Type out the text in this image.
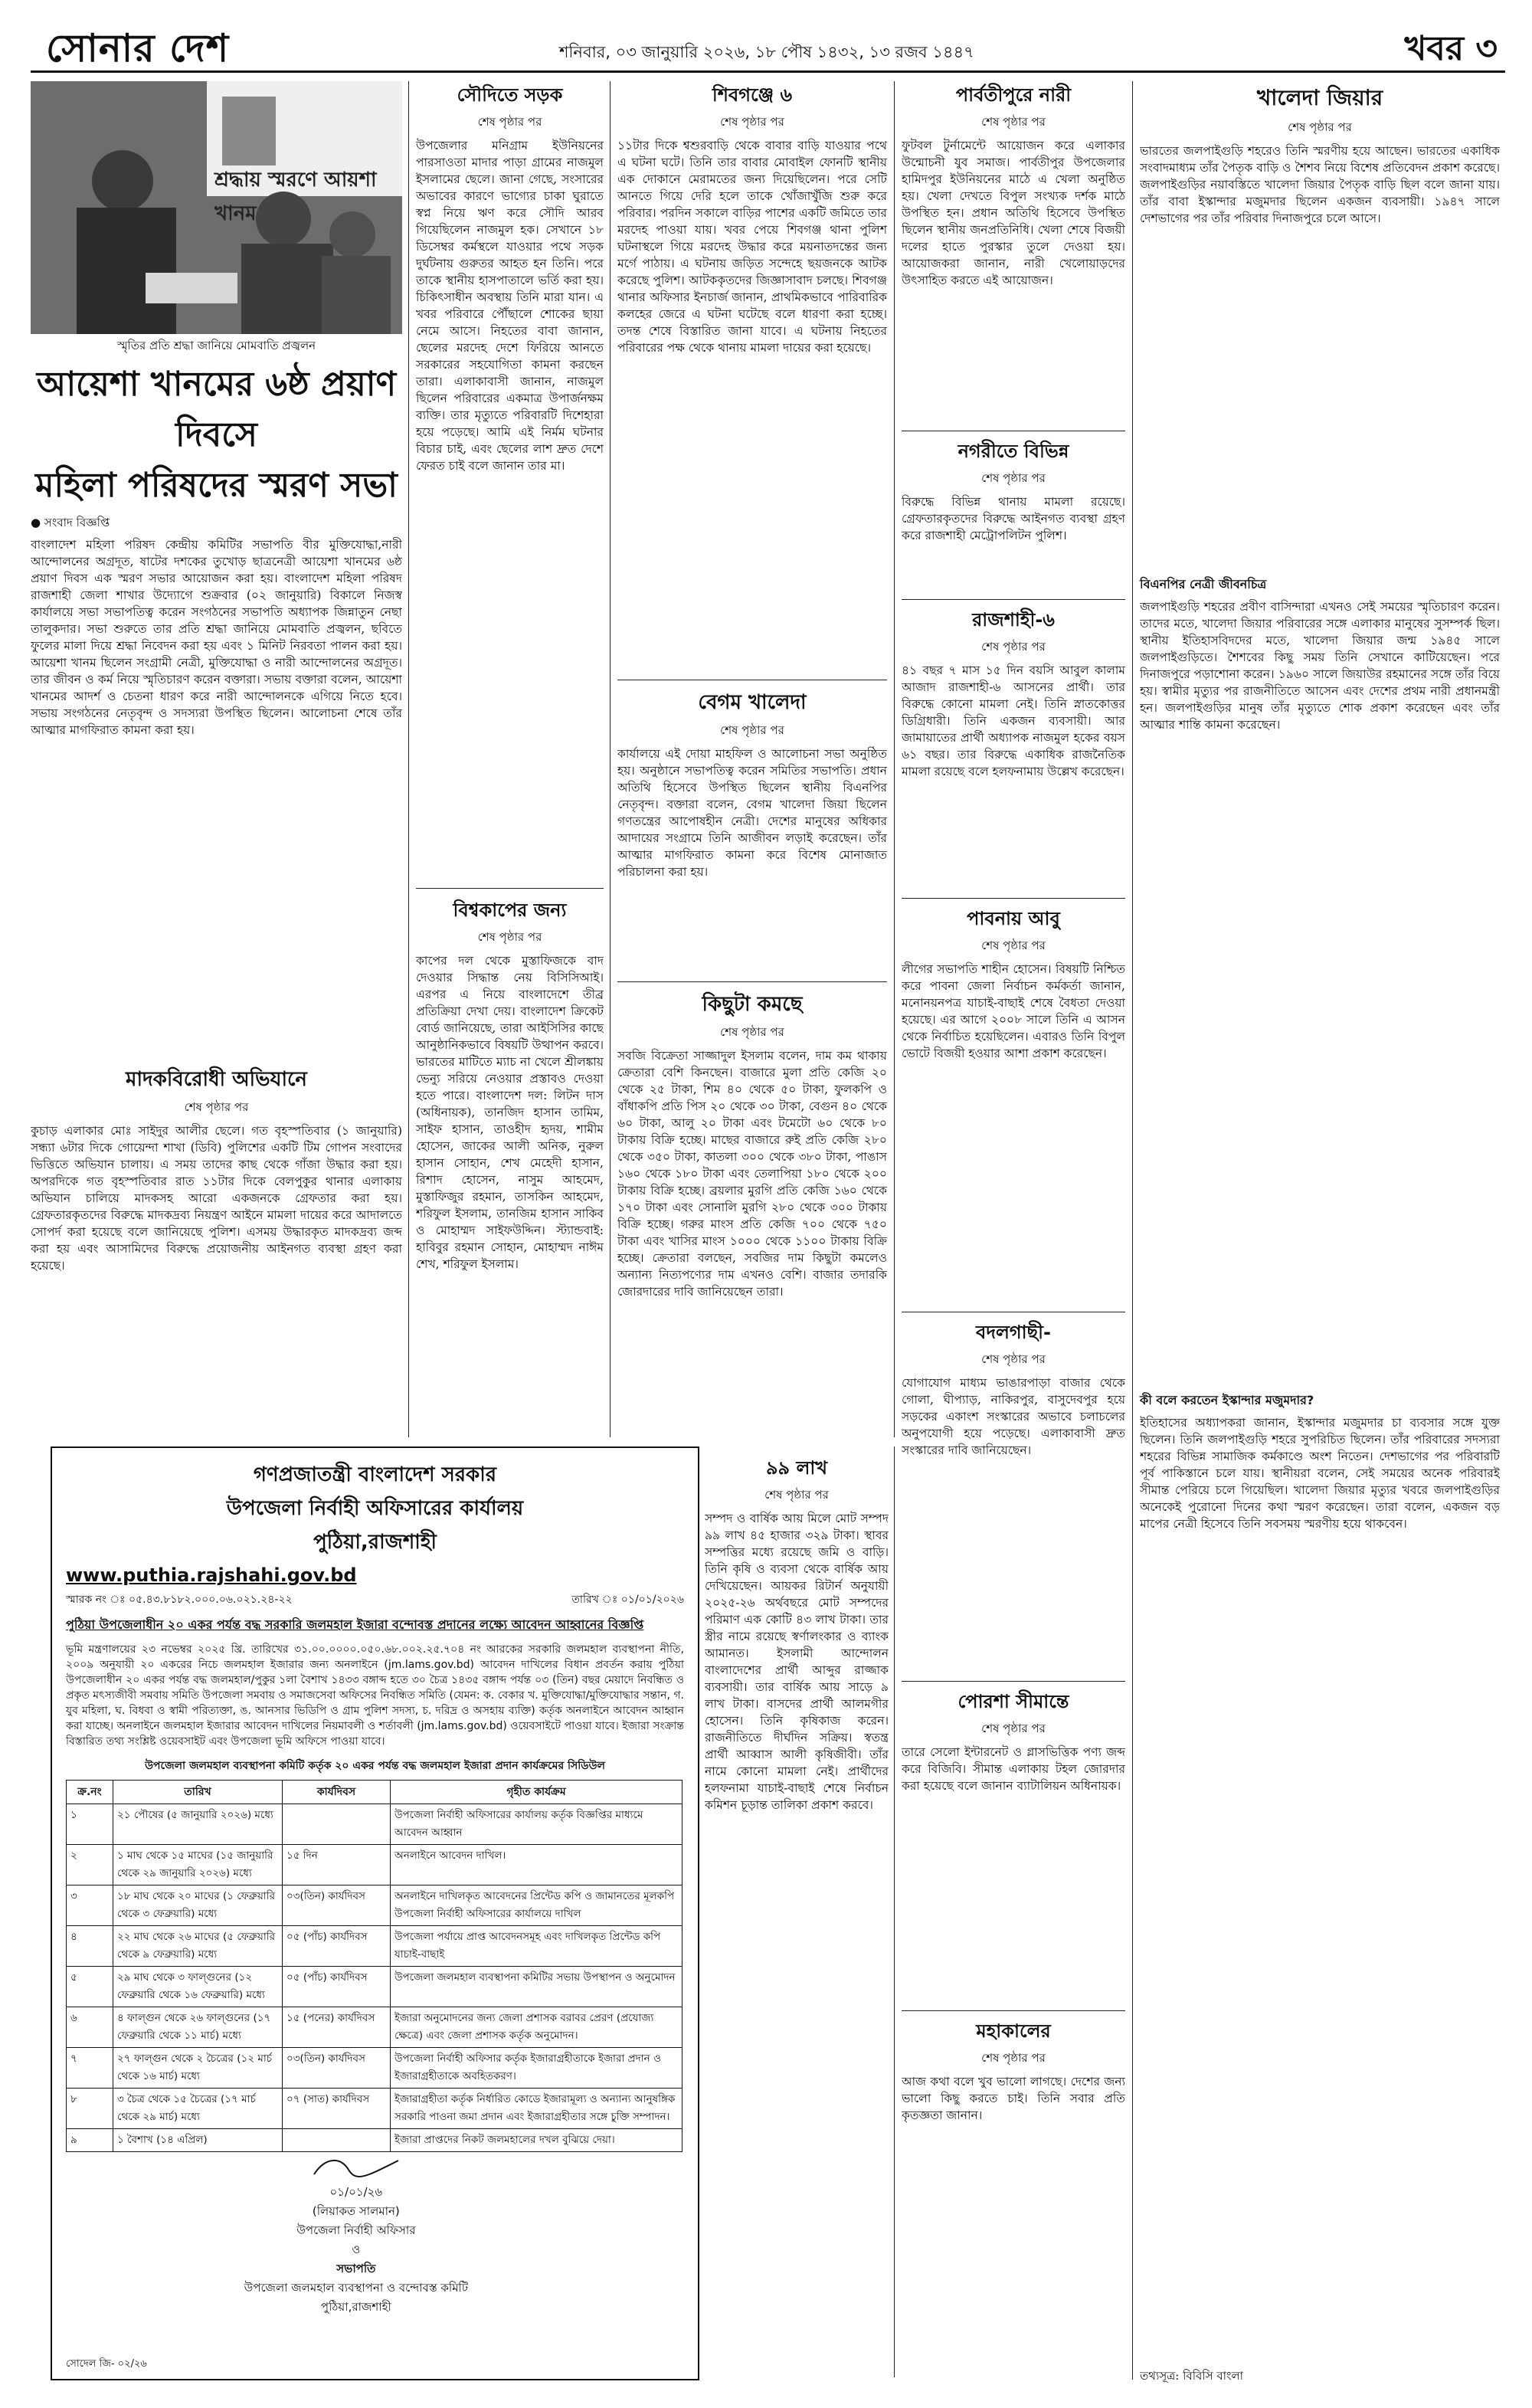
সোনার দেশ	শনিবার, ০৩ জানুয়ারি ২০২৬, ১৮ পৌষ ১৪৩২, ১৩ রজব ১৪৪৭	খবর ৩
শ্রদ্ধায় স্মরণে আয়শা খানম
স্মৃতির প্রতি শ্রদ্ধা জানিয়ে মোমবাতি প্রজ্বলন
আয়েশা খানমের ৬ষ্ঠ প্রয়াণ দিবসে
মহিলা পরিষদের স্মরণ সভা
● সংবাদ বিজ্ঞপ্তি
বাংলাদেশ মহিলা পরিষদ কেন্দ্রীয় কমিটির সভাপতি বীর মুক্তিযোদ্ধা,নারী আন্দোলনের অগ্রদূত, ষাটের দশকের তুখোড় ছাত্রনেত্রী আয়েশা খানমের ৬ষ্ঠ প্রয়াণ দিবস এক স্মরণ সভার আয়োজন করা হয়। বাংলাদেশ মহিলা পরিষদ রাজশাহী জেলা শাখার উদ্যোগে শুক্রবার (০২ জানুয়ারি) বিকালে নিজস্ব কার্যালয়ে সভা সভাপতিত্ব করেন সংগঠনের সভাপতি অধ্যাপক জিন্নাতুন নেছা তালুকদার। সভা শুরুতে তার প্রতি শ্রদ্ধা জানিয়ে মোমবাতি প্রজ্বলন, ছবিতে ফুলের মালা দিয়ে শ্রদ্ধা নিবেদন করা হয় এবং ১ মিনিট নিরবতা পালন করা হয়। আয়েশা খানম ছিলেন সংগ্রামী নেত্রী, মুক্তিযোদ্ধা ও নারী আন্দোলনের অগ্রদূত। তার জীবন ও কর্ম নিয়ে স্মৃতিচারণ করেন বক্তারা। সভায় বক্তারা বলেন, আয়েশা খানমের আদর্শ ও চেতনা ধারণ করে নারী আন্দোলনকে এগিয়ে নিতে হবে। সভায় সংগঠনের নেতৃবৃন্দ ও সদস্যরা উপস্থিত ছিলেন। আলোচনা শেষে তাঁর আত্মার মাগফিরাত কামনা করা হয়।
মাদকবিরোধী অভিযানে
শেষ পৃষ্ঠার পর
কুচাড় এলাকার মোঃ সাইদুর আলীর ছেলে। গত বৃহস্পতিবার (১ জানুয়ারি) সন্ধ্যা ৬টার দিকে গোয়েন্দা শাখা (ডিবি) পুলিশের একটি টিম গোপন সংবাদের ভিত্তিতে অভিযান চালায়। এ সময় তাদের কাছ থেকে গাঁজা উদ্ধার করা হয়। অপরদিকে গত বৃহস্পতিবার রাত ১১টার দিকে বেলপুকুর থানার এলাকায় অভিযান চালিয়ে মাদকসহ আরো একজনকে গ্রেফতার করা হয়। গ্রেফতারকৃতদের বিরুদ্ধে মাদকদ্রব্য নিয়ন্ত্রণ আইনে মামলা দায়ের করে আদালতে সোপর্দ করা হয়েছে বলে জানিয়েছে পুলিশ। এসময় উদ্ধারকৃত মাদকদ্রব্য জব্দ করা হয় এবং আসামিদের বিরুদ্ধে প্রয়োজনীয় আইনগত ব্যবস্থা গ্রহণ করা হয়েছে।
সৌদিতে সড়ক
শেষ পৃষ্ঠার পর
উপজেলার মনিগ্রাম ইউনিয়নের পারসাওতা মাদার পাড়া গ্রামের নাজমুল ইসলামের ছেলে। জানা গেছে, সংসারের অভাবের কারণে ভাগ্যের চাকা ঘুরাতে স্বপ্ন নিয়ে ঋণ করে সৌদি আরব গিয়েছিলেন নাজমুল হক। সেখানে ১৮ ডিসেম্বর কর্মস্থলে যাওয়ার পথে সড়ক দুর্ঘটনায় গুরুতর আহত হন তিনি। পরে তাকে স্থানীয় হাসপাতালে ভর্তি করা হয়। চিকিৎসাধীন অবস্থায় তিনি মারা যান। এ খবর পরিবারে পৌঁছালে শোকের ছায়া নেমে আসে। নিহতের বাবা জানান, ছেলের মরদেহ দেশে ফিরিয়ে আনতে সরকারের সহযোগিতা কামনা করছেন তারা। এলাকাবাসী জানান, নাজমুল ছিলেন পরিবারের একমাত্র উপার্জনক্ষম ব্যক্তি। তার মৃত্যুতে পরিবারটি দিশেহারা হয়ে পড়েছে। আমি এই নির্মম ঘটনার বিচার চাই, এবং ছেলের লাশ দ্রুত দেশে ফেরত চাই বলে জানান তার মা।
বিশ্বকাপের জন্য
শেষ পৃষ্ঠার পর
কাপের দল থেকে মুস্তাফিজকে বাদ দেওয়ার সিদ্ধান্ত নেয় বিসিসিআই। এরপর এ নিয়ে বাংলাদেশে তীব্র প্রতিক্রিয়া দেখা দেয়। বাংলাদেশ ক্রিকেট বোর্ড জানিয়েছে, তারা আইসিসির কাছে আনুষ্ঠানিকভাবে বিষয়টি উত্থাপন করবে। ভারতের মাটিতে ম্যাচ না খেলে শ্রীলঙ্কায় ভেন্যু সরিয়ে নেওয়ার প্রস্তাবও দেওয়া হতে পারে। বাংলাদেশ দল: লিটন দাস (অধিনায়ক), তানজিদ হাসান তামিম, সাইফ হাসান, তাওহীদ হৃদয়, শামীম হোসেন, জাকের আলী অনিক, নুরুল হাসান সোহান, শেখ মেহেদী হাসান, রিশাদ হোসেন, নাসুম আহমেদ, মুস্তাফিজুর রহমান, তাসকিন আহমেদ, শরিফুল ইসলাম, তানজিম হাসান সাকিব ও মোহাম্মদ সাইফউদ্দিন। স্ট্যান্ডবাই: হাবিবুর রহমান সোহান, মোহাম্মদ নাঈম শেখ, শরিফুল ইসলাম।
শিবগঞ্জে ৬
শেষ পৃষ্ঠার পর
১১টার দিকে শ্বশুরবাড়ি থেকে বাবার বাড়ি যাওয়ার পথে এ ঘটনা ঘটে। তিনি তার বাবার মোবাইল ফোনটি স্থানীয় এক দোকানে মেরামতের জন্য দিয়েছিলেন। পরে সেটি আনতে গিয়ে দেরি হলে তাকে খোঁজাখুঁজি শুরু করে পরিবার। পরদিন সকালে বাড়ির পাশের একটি জমিতে তার মরদেহ পাওয়া যায়। খবর পেয়ে শিবগঞ্জ থানা পুলিশ ঘটনাস্থলে গিয়ে মরদেহ উদ্ধার করে ময়নাতদন্তের জন্য মর্গে পাঠায়। এ ঘটনায় জড়িত সন্দেহে ছয়জনকে আটক করেছে পুলিশ। আটককৃতদের জিজ্ঞাসাবাদ চলছে। শিবগঞ্জ থানার অফিসার ইনচার্জ জানান, প্রাথমিকভাবে পারিবারিক কলহের জেরে এ ঘটনা ঘটেছে বলে ধারণা করা হচ্ছে। তদন্ত শেষে বিস্তারিত জানা যাবে। এ ঘটনায় নিহতের পরিবারের পক্ষ থেকে থানায় মামলা দায়ের করা হয়েছে।
বেগম খালেদা
শেষ পৃষ্ঠার পর
কার্যালয়ে এই দোয়া মাহফিল ও আলোচনা সভা অনুষ্ঠিত হয়। অনুষ্ঠানে সভাপতিত্ব করেন সমিতির সভাপতি। প্রধান অতিথি হিসেবে উপস্থিত ছিলেন স্থানীয় বিএনপির নেতৃবৃন্দ। বক্তারা বলেন, বেগম খালেদা জিয়া ছিলেন গণতন্ত্রের আপোষহীন নেত্রী। দেশের মানুষের অধিকার আদায়ের সংগ্রামে তিনি আজীবন লড়াই করেছেন। তাঁর আত্মার মাগফিরাত কামনা করে বিশেষ মোনাজাত পরিচালনা করা হয়।
কিছুটা কমছে
শেষ পৃষ্ঠার পর
সবজি বিক্রেতা সাজ্জাদুল ইসলাম বলেন, দাম কম থাকায় ক্রেতারা বেশি কিনছেন। বাজারে মুলা প্রতি কেজি ২০ থেকে ২৫ টাকা, শিম ৪০ থেকে ৫০ টাকা, ফুলকপি ও বাঁধাকপি প্রতি পিস ২০ থেকে ৩০ টাকা, বেগুন ৪০ থেকে ৬০ টাকা, আলু ২০ টাকা এবং টমেটো ৬০ থেকে ৮০ টাকায় বিক্রি হচ্ছে। মাছের বাজারে রুই প্রতি কেজি ২৮০ থেকে ৩৫০ টাকা, কাতলা ৩০০ থেকে ৩৮০ টাকা, পাঙাস ১৬০ থেকে ১৮০ টাকা এবং তেলাপিয়া ১৮০ থেকে ২০০ টাকায় বিক্রি হচ্ছে। ব্রয়লার মুরগি প্রতি কেজি ১৬০ থেকে ১৭০ টাকা এবং সোনালি মুরগি ২৮০ থেকে ৩০০ টাকায় বিক্রি হচ্ছে। গরুর মাংস প্রতি কেজি ৭০০ থেকে ৭৫০ টাকা এবং খাসির মাংস ১০০০ থেকে ১১০০ টাকায় বিক্রি হচ্ছে। ক্রেতারা বলছেন, সবজির দাম কিছুটা কমলেও অন্যান্য নিত্যপণ্যের দাম এখনও বেশি। বাজার তদারকি জোরদারের দাবি জানিয়েছেন তারা।
পার্বতীপুরে নারী
শেষ পৃষ্ঠার পর
ফুটবল টুর্নামেন্টে আয়োজন করে এলাকার উন্মোচনী যুব সমাজ। পার্বতীপুর উপজেলার হামিদপুর ইউনিয়নের মাঠে এ খেলা অনুষ্ঠিত হয়। খেলা দেখতে বিপুল সংখ্যক দর্শক মাঠে উপস্থিত হন। প্রধান অতিথি হিসেবে উপস্থিত ছিলেন স্থানীয় জনপ্রতিনিধি। খেলা শেষে বিজয়ী দলের হাতে পুরস্কার তুলে দেওয়া হয়। আয়োজকরা জানান, নারী খেলোয়াড়দের উৎসাহিত করতে এই আয়োজন।
নগরীতে বিভিন্ন
শেষ পৃষ্ঠার পর
বিরুদ্ধে বিভিন্ন থানায় মামলা রয়েছে। গ্রেফতারকৃতদের বিরুদ্ধে আইনগত ব্যবস্থা গ্রহণ করে রাজশাহী মেট্রোপলিটন পুলিশ।
রাজশাহী-৬
শেষ পৃষ্ঠার পর
৪১ বছর ৭ মাস ১৫ দিন বয়সি আবুল কালাম আজাদ রাজশাহী-৬ আসনের প্রার্থী। তার বিরুদ্ধে কোনো মামলা নেই। তিনি স্নাতকোত্তর ডিগ্রিধারী। তিনি একজন ব্যবসায়ী। আর জামায়াতের প্রার্থী অধ্যাপক নাজমুল হকের বয়স ৬১ বছর। তার বিরুদ্ধে একাধিক রাজনৈতিক মামলা রয়েছে বলে হলফনামায় উল্লেখ করেছেন।
পাবনায় আবু
শেষ পৃষ্ঠার পর
লীগের সভাপতি শাহীন হোসেন। বিষয়টি নিশ্চিত করে পাবনা জেলা নির্বাচন কর্মকর্তা জানান, মনোনয়নপত্র যাচাই-বাছাই শেষে বৈধতা দেওয়া হয়েছে। এর আগে ২০০৮ সালে তিনি এ আসন থেকে নির্বাচিত হয়েছিলেন। এবারও তিনি বিপুল ভোটে বিজয়ী হওয়ার আশা প্রকাশ করেছেন।
বদলগাছী-
শেষ পৃষ্ঠার পর
যোগাযোগ মাধ্যম ভাঙারপাড়া বাজার থেকে গোলা, ঘীপ্যাড়, নাকিরপুর, বাসুদেবপুর হয়ে সড়কের একাংশ সংস্কারের অভাবে চলাচলের অনুপযোগী হয়ে পড়েছে। এলাকাবাসী দ্রুত সংস্কারের দাবি জানিয়েছেন।
পোরশা সীমান্তে
শেষ পৃষ্ঠার পর
তারে সেলো ইন্টারনেট ও গ্লাসভিত্তিক পণ্য জব্দ করে বিজিবি। সীমান্ত এলাকায় টহল জোরদার করা হয়েছে বলে জানান ব্যাটালিয়ন অধিনায়ক।
মহাকালের
শেষ পৃষ্ঠার পর
আজ কথা বলে খুব ভালো লাগছে। দেশের জন্য ভালো কিছু করতে চাই। তিনি সবার প্রতি কৃতজ্ঞতা জানান।
৯৯ লাখ
শেষ পৃষ্ঠার পর
সম্পদ ও বার্ষিক আয় মিলে মোট সম্পদ ৯৯ লাখ ৪৫ হাজার ৩২৯ টাকা। স্থাবর সম্পত্তির মধ্যে রয়েছে জমি ও বাড়ি। তিনি কৃষি ও ব্যবসা থেকে বার্ষিক আয় দেখিয়েছেন। আয়কর রিটার্ন অনুযায়ী ২০২৫-২৬ অর্থবছরে মোট সম্পদের পরিমাণ এক কোটি ৪৩ লাখ টাকা। তার স্ত্রীর নামে রয়েছে স্বর্ণালংকার ও ব্যাংক আমানত। ইসলামী আন্দোলন বাংলাদেশের প্রার্থী আব্দুর রাজ্জাক ব্যবসায়ী। তার বার্ষিক আয় সাড়ে ৯ লাখ টাকা। বাসদের প্রার্থী আলমগীর হোসেন। তিনি কৃষিকাজ করেন। রাজনীতিতে দীর্ঘদিন সক্রিয়। স্বতন্ত্র প্রার্থী আব্বাস আলী কৃষিজীবী। তাঁর নামে কোনো মামলা নেই। প্রার্থীদের হলফনামা যাচাই-বাছাই শেষে নির্বাচন কমিশন চূড়ান্ত তালিকা প্রকাশ করবে।
খালেদা জিয়ার
শেষ পৃষ্ঠার পর
ভারতের জলপাইগুড়ি শহরেও তিনি স্মরণীয় হয়ে আছেন। ভারতের একাধিক সংবাদমাধ্যম তাঁর পৈতৃক বাড়ি ও শৈশব নিয়ে বিশেষ প্রতিবেদন প্রকাশ করেছে। জলপাইগুড়ির নয়াবস্তিতে খালেদা জিয়ার পৈতৃক বাড়ি ছিল বলে জানা যায়। তাঁর বাবা ইস্কান্দার মজুমদার ছিলেন একজন ব্যবসায়ী। ১৯৪৭ সালে দেশভাগের পর তাঁর পরিবার দিনাজপুরে চলে আসে।
বিএনপির নেত্রী জীবনচিত্র
জলপাইগুড়ি শহরের প্রবীণ বাসিন্দারা এখনও সেই সময়ের স্মৃতিচারণ করেন। তাদের মতে, খালেদা জিয়ার পরিবারের সঙ্গে এলাকার মানুষের সুসম্পর্ক ছিল। স্থানীয় ইতিহাসবিদদের মতে, খালেদা জিয়ার জন্ম ১৯৪৫ সালে জলপাইগুড়িতে। শৈশবের কিছু সময় তিনি সেখানে কাটিয়েছেন। পরে দিনাজপুরে পড়াশোনা করেন। ১৯৬০ সালে জিয়াউর রহমানের সঙ্গে তাঁর বিয়ে হয়। স্বামীর মৃত্যুর পর রাজনীতিতে আসেন এবং দেশের প্রথম নারী প্রধানমন্ত্রী হন। জলপাইগুড়ির মানুষ তাঁর মৃত্যুতে শোক প্রকাশ করেছেন এবং তাঁর আত্মার শান্তি কামনা করেছেন।
কী বলে করতেন ইস্কান্দার মজুমদার?
ইতিহাসের অধ্যাপকরা জানান, ইস্কান্দার মজুমদার চা ব্যবসার সঙ্গে যুক্ত ছিলেন। তিনি জলপাইগুড়ি শহরে সুপরিচিত ছিলেন। তাঁর পরিবারের সদস্যরা শহরের বিভিন্ন সামাজিক কর্মকাণ্ডে অংশ নিতেন। দেশভাগের পর পরিবারটি পূর্ব পাকিস্তানে চলে যায়। স্থানীয়রা বলেন, সেই সময়ের অনেক পরিবারই সীমান্ত পেরিয়ে চলে গিয়েছিল। খালেদা জিয়ার মৃত্যুর খবরে জলপাইগুড়ির অনেকেই পুরোনো দিনের কথা স্মরণ করেছেন। তারা বলেন, একজন বড় মাপের নেত্রী হিসেবে তিনি সবসময় স্মরণীয় হয়ে থাকবেন।
তথ্যসূত্র: বিবিসি বাংলা
গণপ্রজাতন্ত্রী বাংলাদেশ সরকার
উপজেলা নির্বাহী অফিসারের কার্যালয়
পুঠিয়া,রাজশাহী
www.puthia.rajshahi.gov.bd
স্মারক নং ঃ ০৫.৪৩.৮১৮২.০০০.০৬.০২১.২৪-২২	তারিখ ঃ ০১/০১/২০২৬
পুঠিয়া উপজেলাধীন ২০ একর পর্যন্ত বদ্ধ সরকারি জলমহাল ইজারা বন্দোবস্ত প্রদানের লক্ষ্যে আবেদন আহ্বানের বিজ্ঞপ্তি
ভূমি মন্ত্রণালয়ের ২৩ নভেম্বর ২০২৫ খ্রি. তারিখের ৩১.০০.০০০০.০৫০.৬৮.০০২.২৫.৭০৪ নং আরকের সরকারি জলমহাল ব্যবস্থাপনা নীতি, ২০০৯ অনুযায়ী ২০ একরের নিচে জলমহাল ইজারার জন্য অনলাইনে (jm.lams.gov.bd) আবেদন দাখিলের বিধান প্রবর্তন করায় পুঠিয়া উপজেলাধীন ২০ একর পর্যন্ত বদ্ধ জলমহাল/পুকুর ১লা বৈশাখ ১৪৩৩ বঙ্গাব্দ হতে ৩০ চৈত্র ১৪৩৫ বঙ্গাব্দ পর্যন্ত ০৩ (তিন) বছর মেয়াদে নিবন্ধিত ও প্রকৃত মৎস্যজীবী সমবায় সমিতি উপজেলা সমবায় ও সমাজসেবা অফিসের নিবন্ধিত সমিতি (যেমন: ক. বেকার খ. মুক্তিযোদ্ধা/মুক্তিযোদ্ধার সন্তান, গ. যুব মহিলা, ঘ. বিধবা ও স্বামী পরিত্যক্তা, ঙ. আনসার ভিডিপি ও গ্রাম পুলিশ সদস্য, চ. দরিদ্র ও অসহায় ব্যক্তি) কর্তৃক অনলাইনে আবেদন আহ্বান করা যাচ্ছে। অনলাইনে জলমহাল ইজারার আবেদন দাখিলের নিয়মাবলী ও শর্তাবলী (jm.lams.gov.bd) ওয়েবসাইটে পাওয়া যাবে। ইজারা সংক্রান্ত বিস্তারিত তথ্য সংশ্লিষ্ট ওয়েবসাইট এবং উপজেলা ভূমি অফিসে পাওয়া যাবে।
উপজেলা জলমহাল ব্যবস্থাপনা কমিটি কর্তৃক ২০ একর পর্যন্ত বদ্ধ জলমহাল ইজারা প্রদান কার্যক্রমের সিডিউল
ক্র.নং	তারিখ	কার্যদিবস	গৃহীত কার্যক্রম
১	২১ পৌষের (৫ জানুয়ারি ২০২৬) মধ্যে		উপজেলা নির্বাহী অফিসারের কার্যালয় কর্তৃক বিজ্ঞপ্তির মাধ্যমে আবেদন আহ্বান
২	১ মাঘ থেকে ১৫ মাঘের (১৫ জানুয়ারি থেকে ২৯ জানুয়ারি ২০২৬) মধ্যে	১৫ দিন	অনলাইনে আবেদন দাখিল।
৩	১৮ মাঘ থেকে ২০ মাঘের (১ ফেব্রুয়ারি থেকে ৩ ফেব্রুয়ারি) মধ্যে	০৩(তিন) কার্যদিবস	অনলাইনে দাখিলকৃত আবেদনের প্রিন্টেড কপি ও জামানতের মূলকপি উপজেলা নির্বাহী অফিসারের কার্যালয়ে দাখিল
৪	২২ মাঘ থেকে ২৬ মাঘের (৫ ফেব্রুয়ারি থেকে ৯ ফেব্রুয়ারি) মধ্যে	০৫ (পাঁচ) কার্যদিবস	উপজেলা পর্যায়ে প্রাপ্ত আবেদনসমূহ এবং দাখিলকৃত প্রিন্টেড কপি যাচাই-বাছাই
৫	২৯ মাঘ থেকে ৩ ফাল্গুনের (১২ ফেব্রুয়ারি থেকে ১৬ ফেব্রুয়ারি) মধ্যে	০৫ (পাঁচ) কার্যদিবস	উপজেলা জলমহাল ব্যবস্থাপনা কমিটির সভায় উপস্থাপন ও অনুমোদন
৬	৪ ফাল্গুন থেকে ২৬ ফাল্গুনের (১৭ ফেব্রুয়ারি থেকে ১১ মার্চ) মধ্যে	১৫ (পনের) কার্যদিবস	ইজারা অনুমোদনের জন্য জেলা প্রশাসক বরাবর প্রেরণ (প্রযোজ্য ক্ষেত্রে) এবং জেলা প্রশাসক কর্তৃক অনুমোদন।
৭	২৭ ফাল্গুন থেকে ২ চৈত্রের (১২ মার্চ থেকে ১৬ মার্চ) মধ্যে	০৩(তিন) কার্যদিবস	উপজেলা নির্বাহী অফিসার কর্তৃক ইজারাগ্রহীতাকে ইজারা প্রদান ও ইজারাগ্রহীতাকে অবহিতকরণ।
৮	৩ চৈত্র থেকে ১৫ চৈত্রের (১৭ মার্চ থেকে ২৯ মার্চ) মধ্যে	০৭ (সাত) কার্যদিবস	ইজারাগ্রহীতা কর্তৃক নির্ধারিত কোডে ইজারামূল্য ও অন্যান্য আনুষঙ্গিক সরকারি পাওনা জমা প্রদান এবং ইজারাগ্রহীতার সঙ্গে চুক্তি সম্পাদন।
৯	১ বৈশাখ (১৪ এপ্রিল)		ইজারা প্রাপ্তদের নিকট জলমহালের দখল বুঝিয়ে দেয়া।
০১/০১/২৬
(লিয়াকত সালমান)
উপজেলা নির্বাহী অফিসার
ও
সভাপতি
উপজেলা জলমহাল ব্যবস্থাপনা ও বন্দোবস্ত কমিটি
পুঠিয়া,রাজশাহী
সোদেল জি- ০২/২৬
